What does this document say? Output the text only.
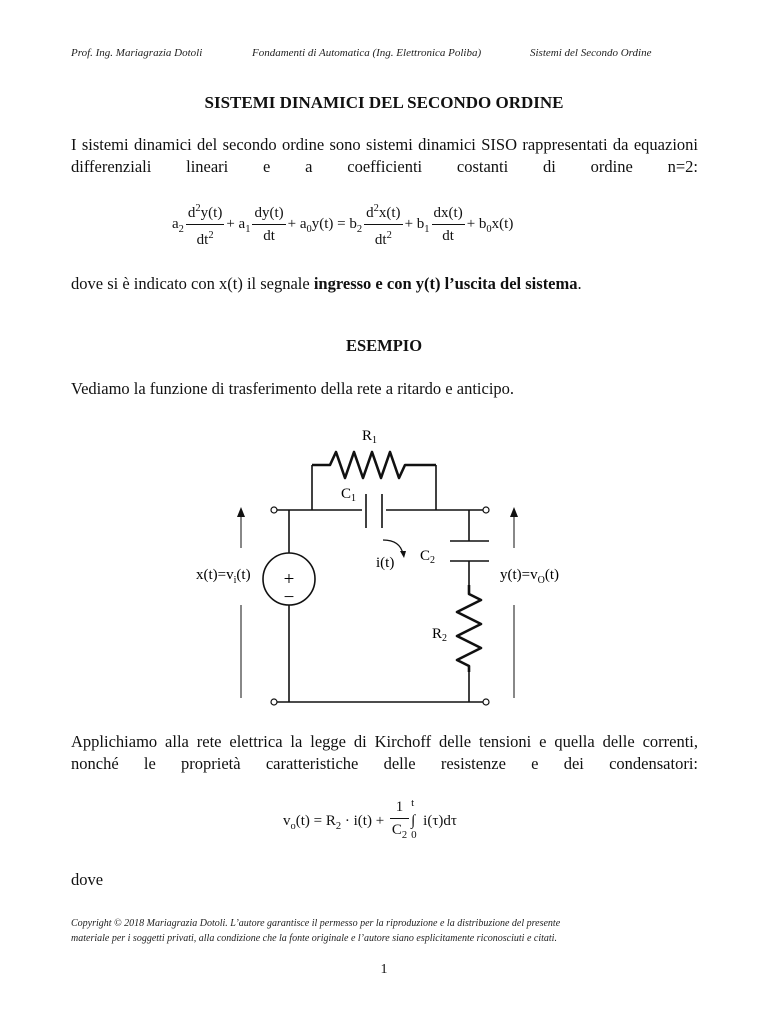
Prof. Ing. Mariagrazia Dotoli	Fondamenti di Automatica (Ing. Elettronica Poliba)	Sistemi del Secondo Ordine
SISTEMI DINAMICI DEL SECONDO ORDINE
I sistemi dinamici del secondo ordine sono sistemi dinamici SISO rappresentati da equazioni differenziali lineari e a coefficienti costanti di ordine n=2:
$a_2 \frac{d^2y(t)}{dt^2} + a_1 \frac{dy(t)}{dt} + a_0y(t) = b_2 \frac{d^2x(t)}{dt^2} + b_1 \frac{dx(t)}{dt} + b_0x(t)$
dove si è indicato con x(t) il segnale ingresso e con y(t) l’uscita del sistema.
ESEMPIO
Vediamo la funzione di trasferimento della rete a ritardo e anticipo.
+
−
$R_1$
$C_1$
$C_2$
$R_2$
i(t)
$x(t)=v_i(t)$	$y(t)=v_O(t)$
Applichiamo alla rete elettrica la legge di Kirchoff delle tensioni e quella delle correnti, nonché le proprietà caratteristiche delle resistenze e dei condensatori:
$v_o(t) = R_2 \cdot i(t) + \frac{1}{C_2}$ t
∫
0
i(τ)dτ
dove
Copyright © 2018 Mariagrazia Dotoli. L’autore garantisce il permesso per la riproduzione e la distribuzione del presente
materiale per i soggetti privati, alla condizione che la fonte originale e l’autore siano esplicitamente riconosciuti e citati.
1
